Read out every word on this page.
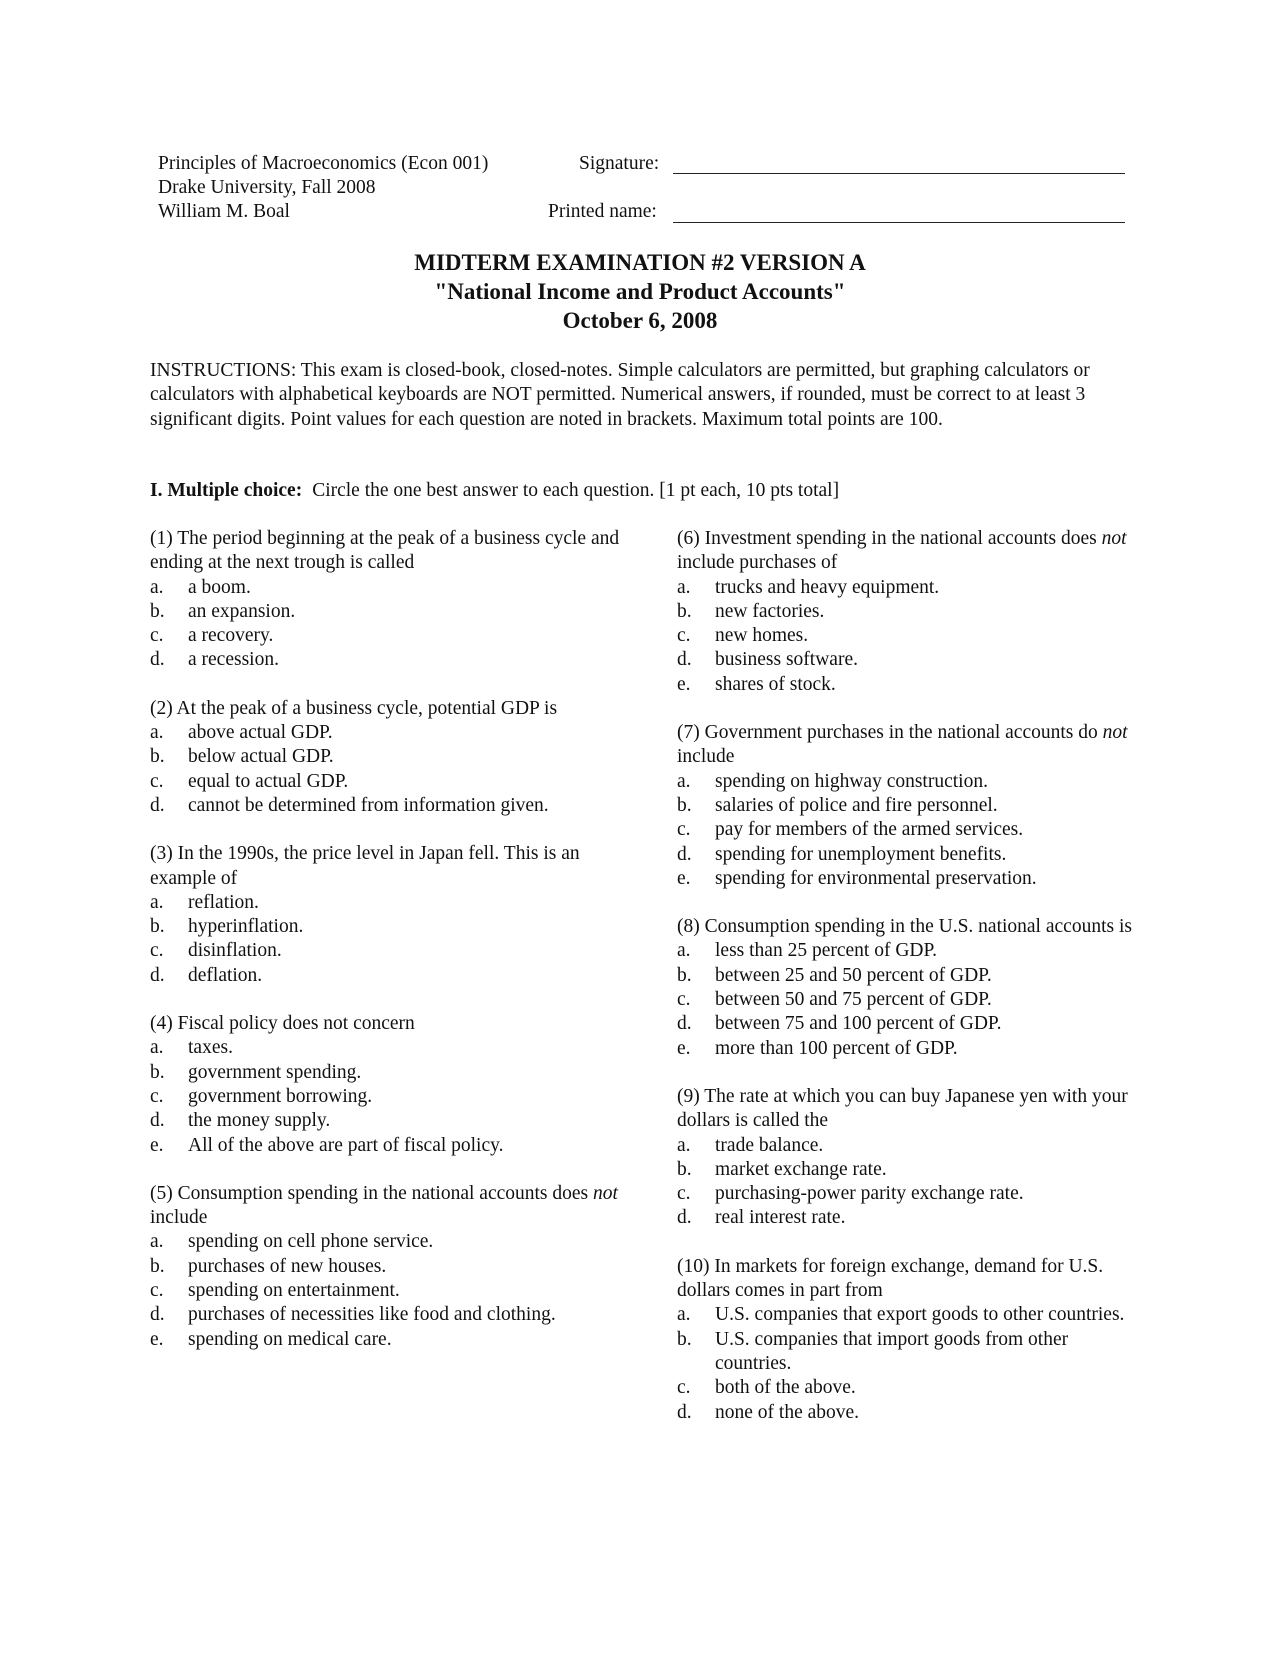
Principles of Macroeconomics (Econ 001)
Drake University, Fall 2008
William M. Boal
Signature:
Printed name:
MIDTERM EXAMINATION #2 VERSION A
"National Income and Product Accounts"
October 6, 2008
INSTRUCTIONS: This exam is closed-book, closed-notes. Simple calculators are permitted, but graphing calculators or calculators with alphabetical keyboards are NOT permitted. Numerical answers, if rounded, must be correct to at least 3 significant digits. Point values for each question are noted in brackets. Maximum total points are 100.
I. Multiple choice: Circle the one best answer to each question. [1 pt each, 10 pts total]
(1) The period beginning at the peak of a business cycle and ending at the next trough is called
a.	a boom.
b.	an expansion.
c.	a recovery.
d.	a recession.
(2) At the peak of a business cycle, potential GDP is
a.	above actual GDP.
b.	below actual GDP.
c.	equal to actual GDP.
d.	cannot be determined from information given.
(3) In the 1990s, the price level in Japan fell. This is an example of
a.	reflation.
b.	hyperinflation.
c.	disinflation.
d.	deflation.
(4) Fiscal policy does not concern
a.	taxes.
b.	government spending.
c.	government borrowing.
d.	the money supply.
e.	All of the above are part of fiscal policy.
(5) Consumption spending in the national accounts does not include
a.	spending on cell phone service.
b.	purchases of new houses.
c.	spending on entertainment.
d.	purchases of necessities like food and clothing.
e.	spending on medical care.
(6) Investment spending in the national accounts does not include purchases of
a.	trucks and heavy equipment.
b.	new factories.
c.	new homes.
d.	business software.
e.	shares of stock.
(7) Government purchases in the national accounts do not include
a.	spending on highway construction.
b.	salaries of police and fire personnel.
c.	pay for members of the armed services.
d.	spending for unemployment benefits.
e.	spending for environmental preservation.
(8) Consumption spending in the U.S. national accounts is
a.	less than 25 percent of GDP.
b.	between 25 and 50 percent of GDP.
c.	between 50 and 75 percent of GDP.
d.	between 75 and 100 percent of GDP.
e.	more than 100 percent of GDP.
(9) The rate at which you can buy Japanese yen with your dollars is called the
a.	trade balance.
b.	market exchange rate.
c.	purchasing-power parity exchange rate.
d.	real interest rate.
(10) In markets for foreign exchange, demand for U.S. dollars comes in part from
a.	U.S. companies that export goods to other countries.
b.	U.S. companies that import goods from other countries.
c.	both of the above.
d.	none of the above.
